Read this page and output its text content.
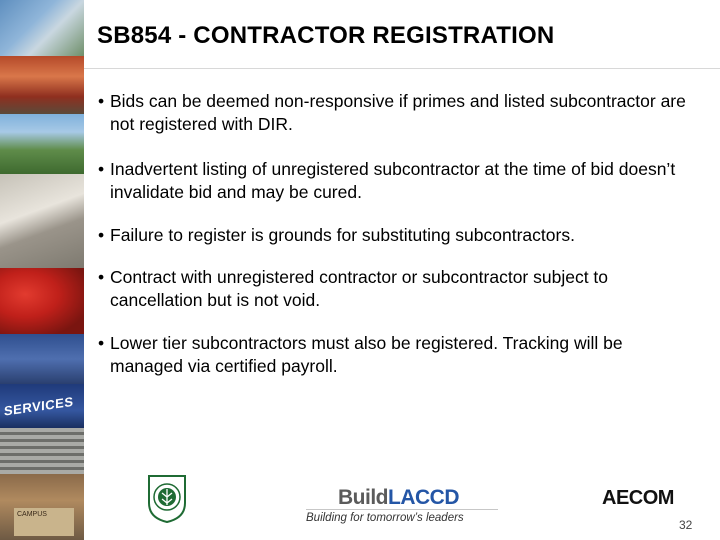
SERVICES
CAMPUS
SB854 - CONTRACTOR REGISTRATION
• Bids can be deemed non-responsive if primes and listed subcontractor are not registered with DIR.
• Inadvertent listing of unregistered subcontractor at the time of bid doesn’t invalidate bid and may be cured.
• Failure to register is grounds for substituting subcontractors.
• Contract with unregistered contractor or subcontractor subject to cancellation but is not void.
• Lower tier subcontractors must also be registered. Tracking will be managed via certified payroll.
BuildLACCD
Building for tomorrow’s leaders
AECOM
32
